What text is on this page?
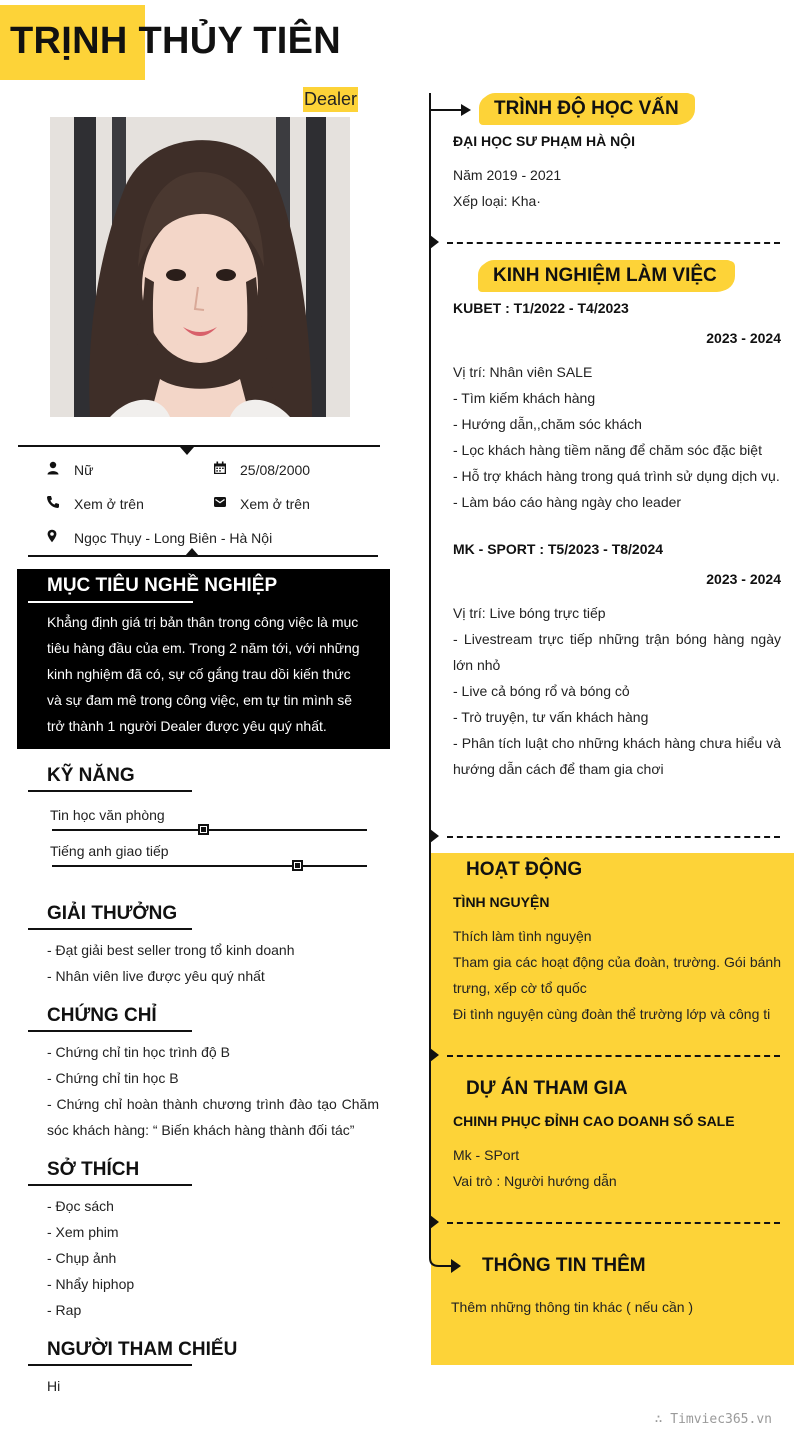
TRỊNH THỦY TIÊN
Dealer
Nữ	25/08/2000
Xem ở trên	Xem ở trên
Ngọc Thụy - Long Biên - Hà Nội
MỤC TIÊU NGHỀ NGHIỆP
Khẳng định giá trị bản thân trong công việc là mục
tiêu hàng đầu của em. Trong 2 năm tới, với những
kinh nghiệm đã có, sự cố gắng trau dồi kiến thức
và sự đam mê trong công việc, em tự tin mình sẽ
trở thành 1 người Dealer được yêu quý nhất.
KỸ NĂNG
Tin học văn phòng
Tiếng anh giao tiếp
GIẢI THƯỞNG
- Đạt giải best seller trong tổ kinh doanh
- Nhân viên live được yêu quý nhất
CHỨNG CHỈ
- Chứng chỉ tin học trình độ B
- Chứng chỉ tin học B
- Chứng chỉ hoàn thành chương trình đào tạo Chăm sóc khách hàng: “ Biến khách hàng thành đối tác”
SỞ THÍCH
- Đọc sách
- Xem phim
- Chụp ảnh
- Nhẩy hiphop
- Rap
NGƯỜI THAM CHIẾU
Hi
TRÌNH ĐỘ HỌC VẤN
ĐẠI HỌC SƯ PHẠM HÀ NỘI
Năm 2019 - 2021
Xếp loại: Kha·
KINH NGHIỆM LÀM VIỆC
KUBET : T1/2022 - T4/2023
2023 - 2024
Vị trí: Nhân viên SALE
- Tìm kiếm khách hàng
- Hướng dẫn,,chăm sóc khách
- Lọc khách hàng tiềm năng để chăm sóc đặc biệt
- Hỗ trợ khách hàng trong quá trình sử dụng dịch vụ.
- Làm báo cáo hàng ngày cho leader
MK - SPORT : T5/2023 - T8/2024
2023 - 2024
Vị trí: Live bóng trực tiếp
- Livestream trực tiếp những trận bóng hàng ngày lớn nhỏ
- Live cả bóng rổ và bóng cỏ
- Trò truyện, tư vấn khách hàng
- Phân tích luật cho những khách hàng chưa hiểu và hướng dẫn cách để tham gia chơi
HOẠT ĐỘNG
TÌNH NGUYỆN
Thích làm tình nguyện
Tham gia các hoạt động của đoàn, trường. Gói bánh trưng, xếp cờ tổ quốc
Đi tình nguyện cùng đoàn thể trường lớp và công ti
DỰ ÁN THAM GIA
CHINH PHỤC ĐỈNH CAO DOANH SỐ SALE
Mk - SPort
Vai trò : Người hướng dẫn
THÔNG TIN THÊM
Thêm những thông tin khác ( nếu cần )
∴ Timviec365.vn
